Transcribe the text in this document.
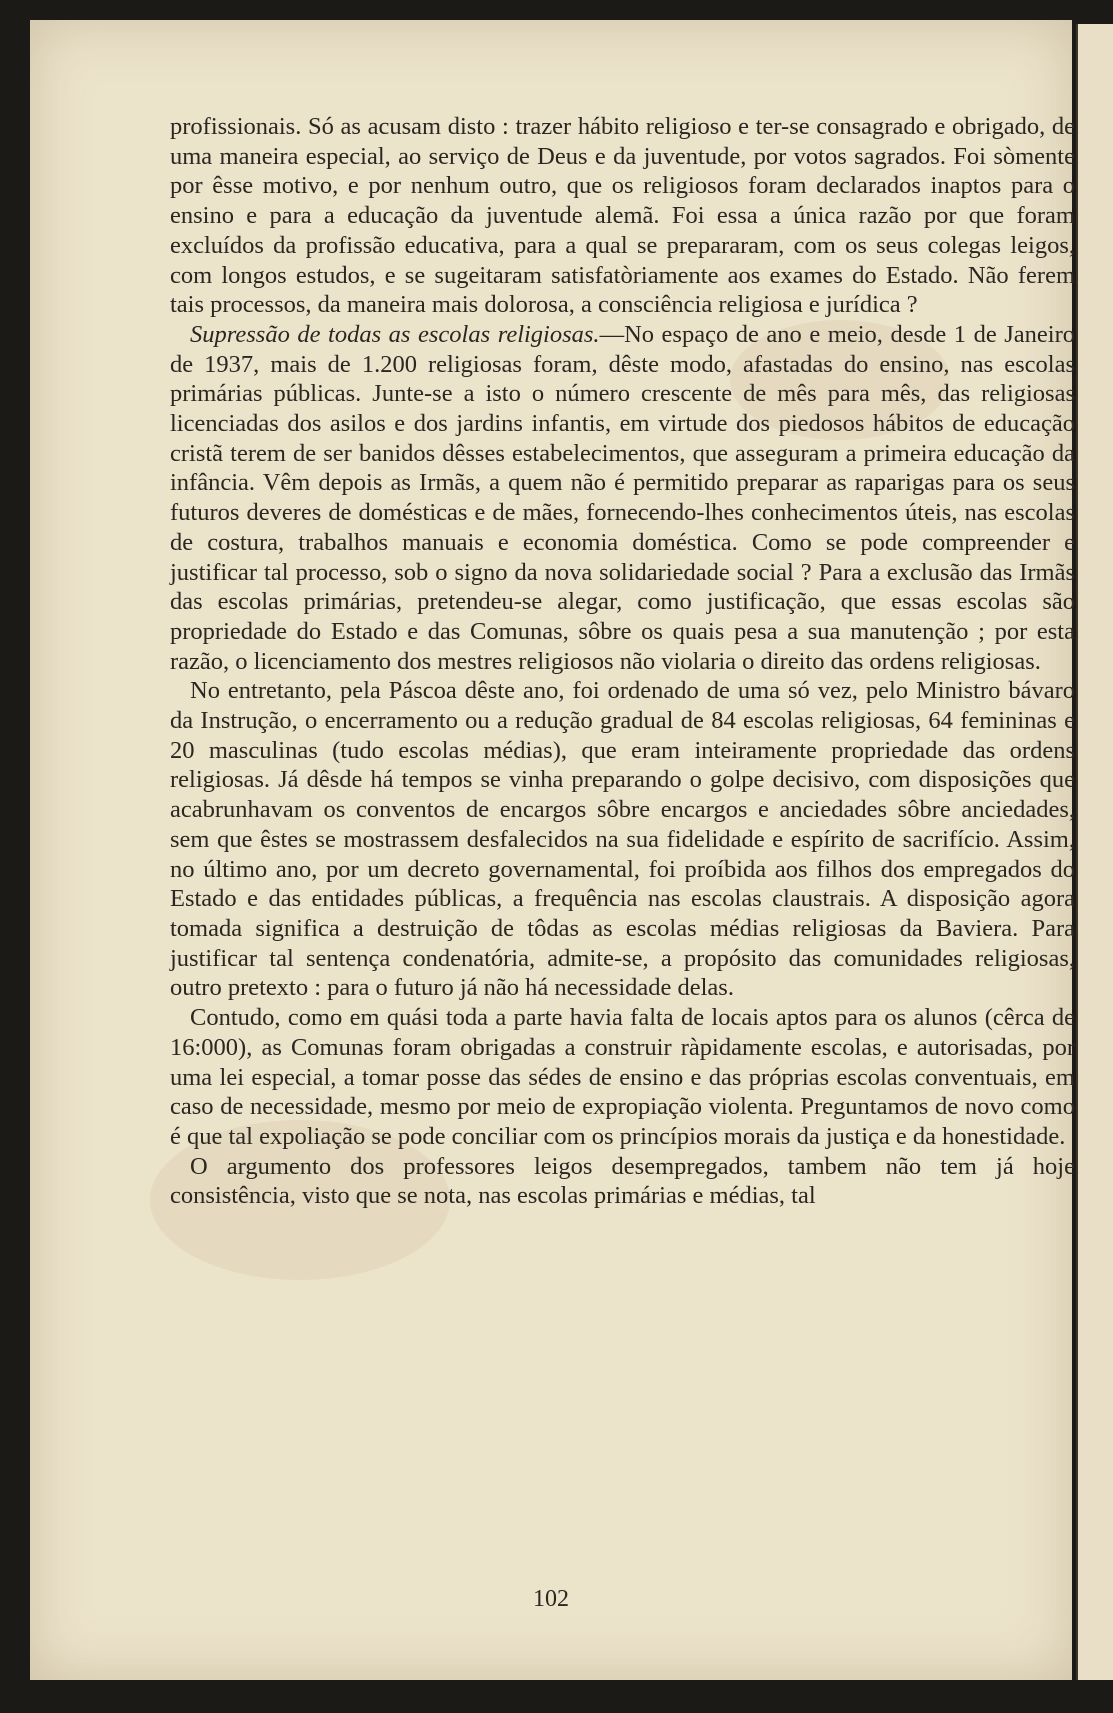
profissionais. Só as acusam disto : trazer hábito religioso e ter-se consagrado e obrigado, de uma maneira especial, ao serviço de Deus e da juventude, por votos sagrados. Foi sòmente por êsse motivo, e por nenhum outro, que os religiosos foram declarados inaptos para o ensino e para a educação da juventude alemã. Foi essa a única razão por que foram excluídos da profissão educativa, para a qual se prepararam, com os seus colegas leigos, com longos estudos, e se sugeitaram satisfatòriamente aos exames do Estado. Não ferem tais processos, da maneira mais dolorosa, a consciência religiosa e jurídica ?

Supressão de todas as escolas religiosas.—No espaço de ano e meio, desde 1 de Janeiro de 1937, mais de 1.200 religiosas foram, dêste modo, afastadas do ensino, nas escolas primárias públicas. Junte-se a isto o número crescente de mês para mês, das religiosas licenciadas dos asilos e dos jardins infantis, em virtude dos piedosos hábitos de educação cristã terem de ser banidos dêsses estabelecimentos, que asseguram a primeira educação da infância. Vêm depois as Irmãs, a quem não é permitido preparar as raparigas para os seus futuros deveres de domésticas e de mães, fornecendo-lhes conhecimentos úteis, nas escolas de costura, trabalhos manuais e economia doméstica. Como se pode compreender e justificar tal processo, sob o signo da nova solidariedade social ? Para a exclusão das Irmãs das escolas primárias, pretendeu-se alegar, como justificação, que essas escolas são propriedade do Estado e das Comunas, sôbre os quais pesa a sua manutenção ; por esta razão, o licenciamento dos mestres religiosos não violaria o direito das ordens religiosas.

No entretanto, pela Páscoa dêste ano, foi ordenado de uma só vez, pelo Ministro bávaro da Instrução, o encerramento ou a redução gradual de 84 escolas religiosas, 64 femininas e 20 masculinas (tudo escolas médias), que eram inteiramente propriedade das ordens religiosas. Já dêsde há tempos se vinha preparando o golpe decisivo, com disposições que acabrunhavam os conventos de encargos sôbre encargos e anciedades sôbre anciedades, sem que êstes se mostrassem desfalecidos na sua fidelidade e espírito de sacrifício. Assim, no último ano, por um decreto governamental, foi proíbida aos filhos dos empregados do Estado e das entidades públicas, a frequência nas escolas claustrais. A disposição agora tomada significa a destruição de tôdas as escolas médias religiosas da Baviera. Para justificar tal sentença condenatória, admite-se, a propósito das comunidades religiosas, outro pretexto : para o futuro já não há necessidade delas.

Contudo, como em quási toda a parte havia falta de locais aptos para os alunos (cêrca de 16:000), as Comunas foram obrigadas a construir ràpidamente escolas, e autorisadas, por uma lei especial, a tomar posse das sédes de ensino e das próprias escolas conventuais, em caso de necessidade, mesmo por meio de expropiação violenta. Preguntamos de novo como é que tal expoliação se pode conciliar com os princípios morais da justiça e da honestidade.

O argumento dos professores leigos desempregados, tambem não tem já hoje consistência, visto que se nota, nas escolas primárias e médias, tal

102
